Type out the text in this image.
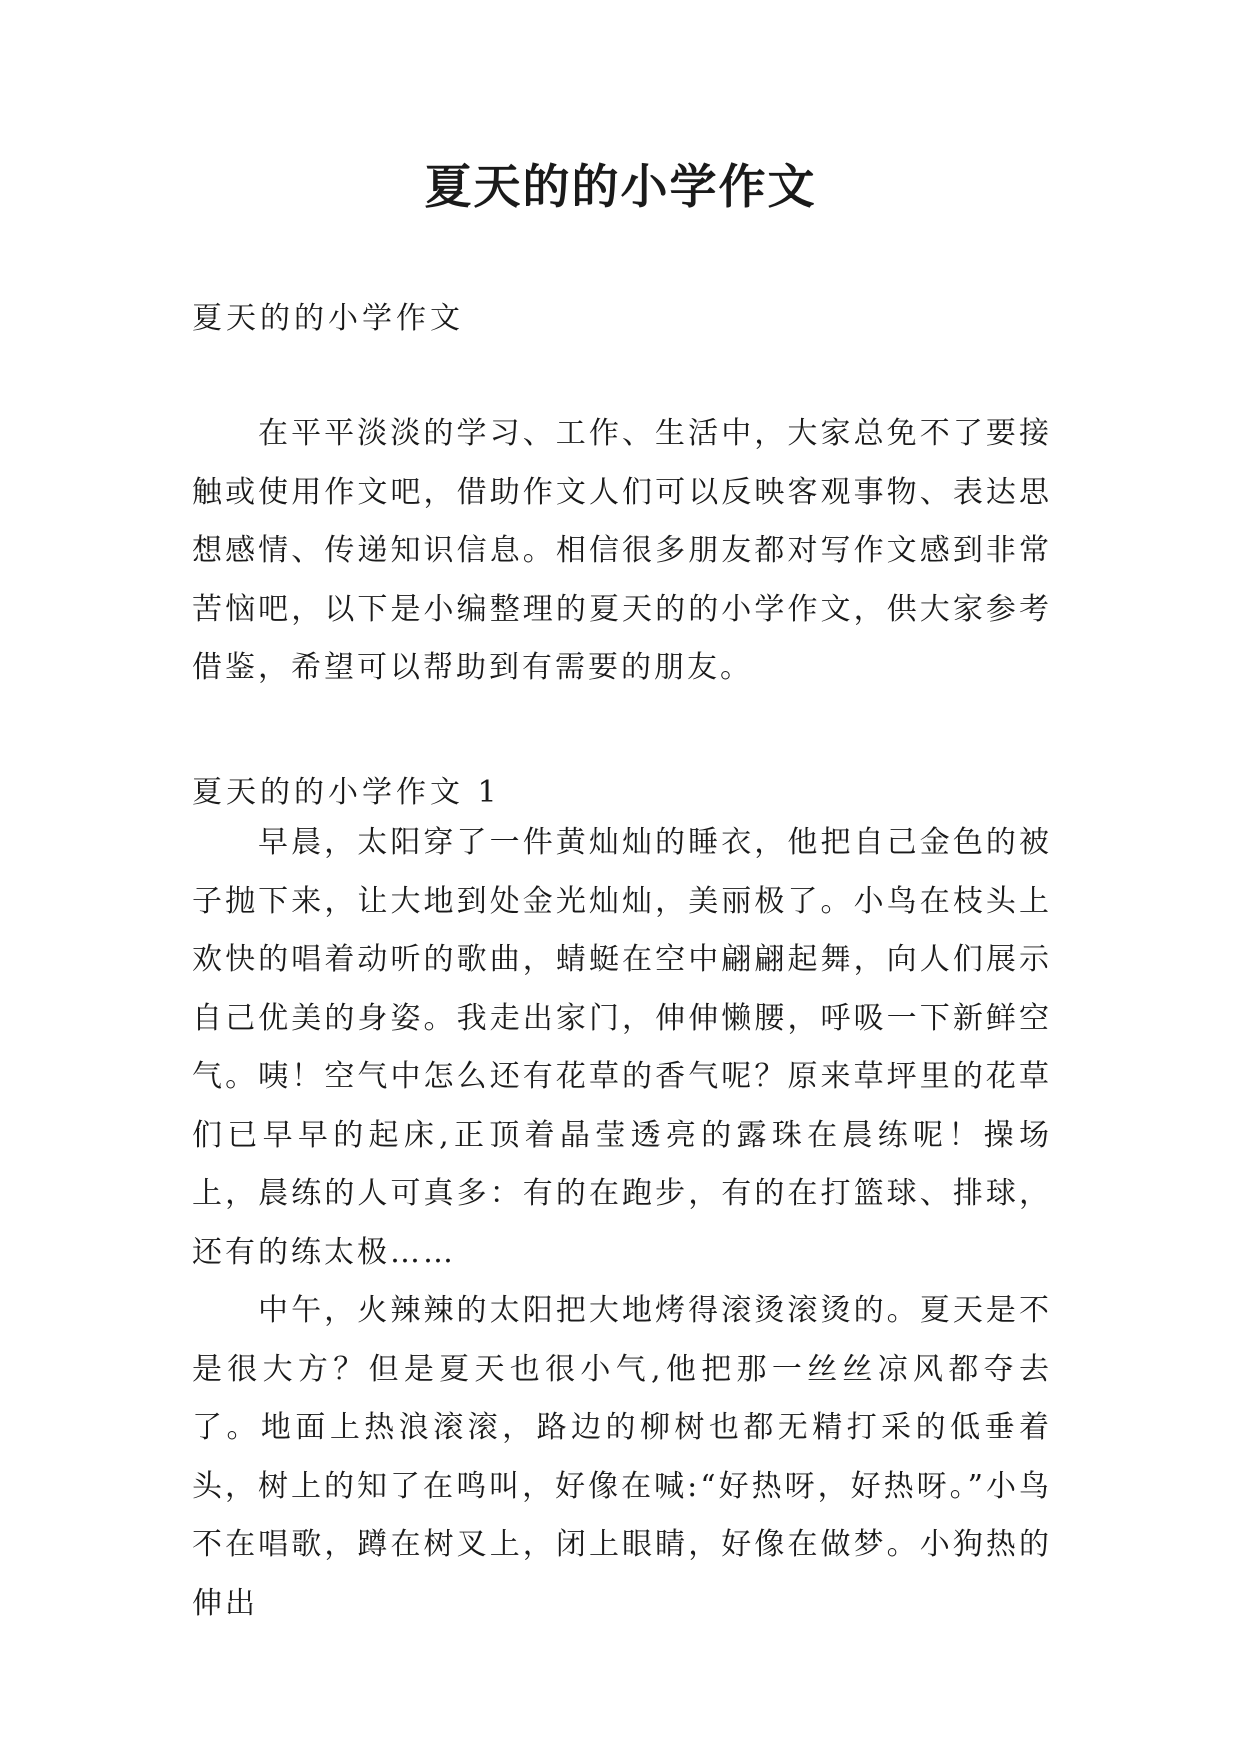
夏天的的小学作文

夏天的的小学作文

在平平淡淡的学习、工作、生活中，大家总免不了要接触或使用作文吧，借助作文人们可以反映客观事物、表达思想感情、传递知识信息。相信很多朋友都对写作文感到非常苦恼吧，以下是小编整理的夏天的的小学作文，供大家参考借鉴，希望可以帮助到有需要的朋友。

夏天的的小学作文 1

早晨，太阳穿了一件黄灿灿的睡衣，他把自己金色的被子抛下来，让大地到处金光灿灿，美丽极了。小鸟在枝头上欢快的唱着动听的歌曲，蜻蜓在空中翩翩起舞，向人们展示自己优美的身姿。我走出家门，伸伸懒腰，呼吸一下新鲜空气。咦！空气中怎么还有花草的香气呢？原来草坪里的花草们已早早的起床,正顶着晶莹透亮的露珠在晨练呢！操场上，晨练的人可真多：有的在跑步，有的在打篮球、排球，还有的练太极……

中午，火辣辣的太阳把大地烤得滚烫滚烫的。夏天是不是很大方？但是夏天也很小气,他把那一丝丝凉风都夺去了。地面上热浪滚滚，路边的柳树也都无精打采的低垂着头，树上的知了在鸣叫，好像在喊:“好热呀，好热呀。”小鸟不在唱歌，蹲在树叉上，闭上眼睛，好像在做梦。小狗热的伸出
